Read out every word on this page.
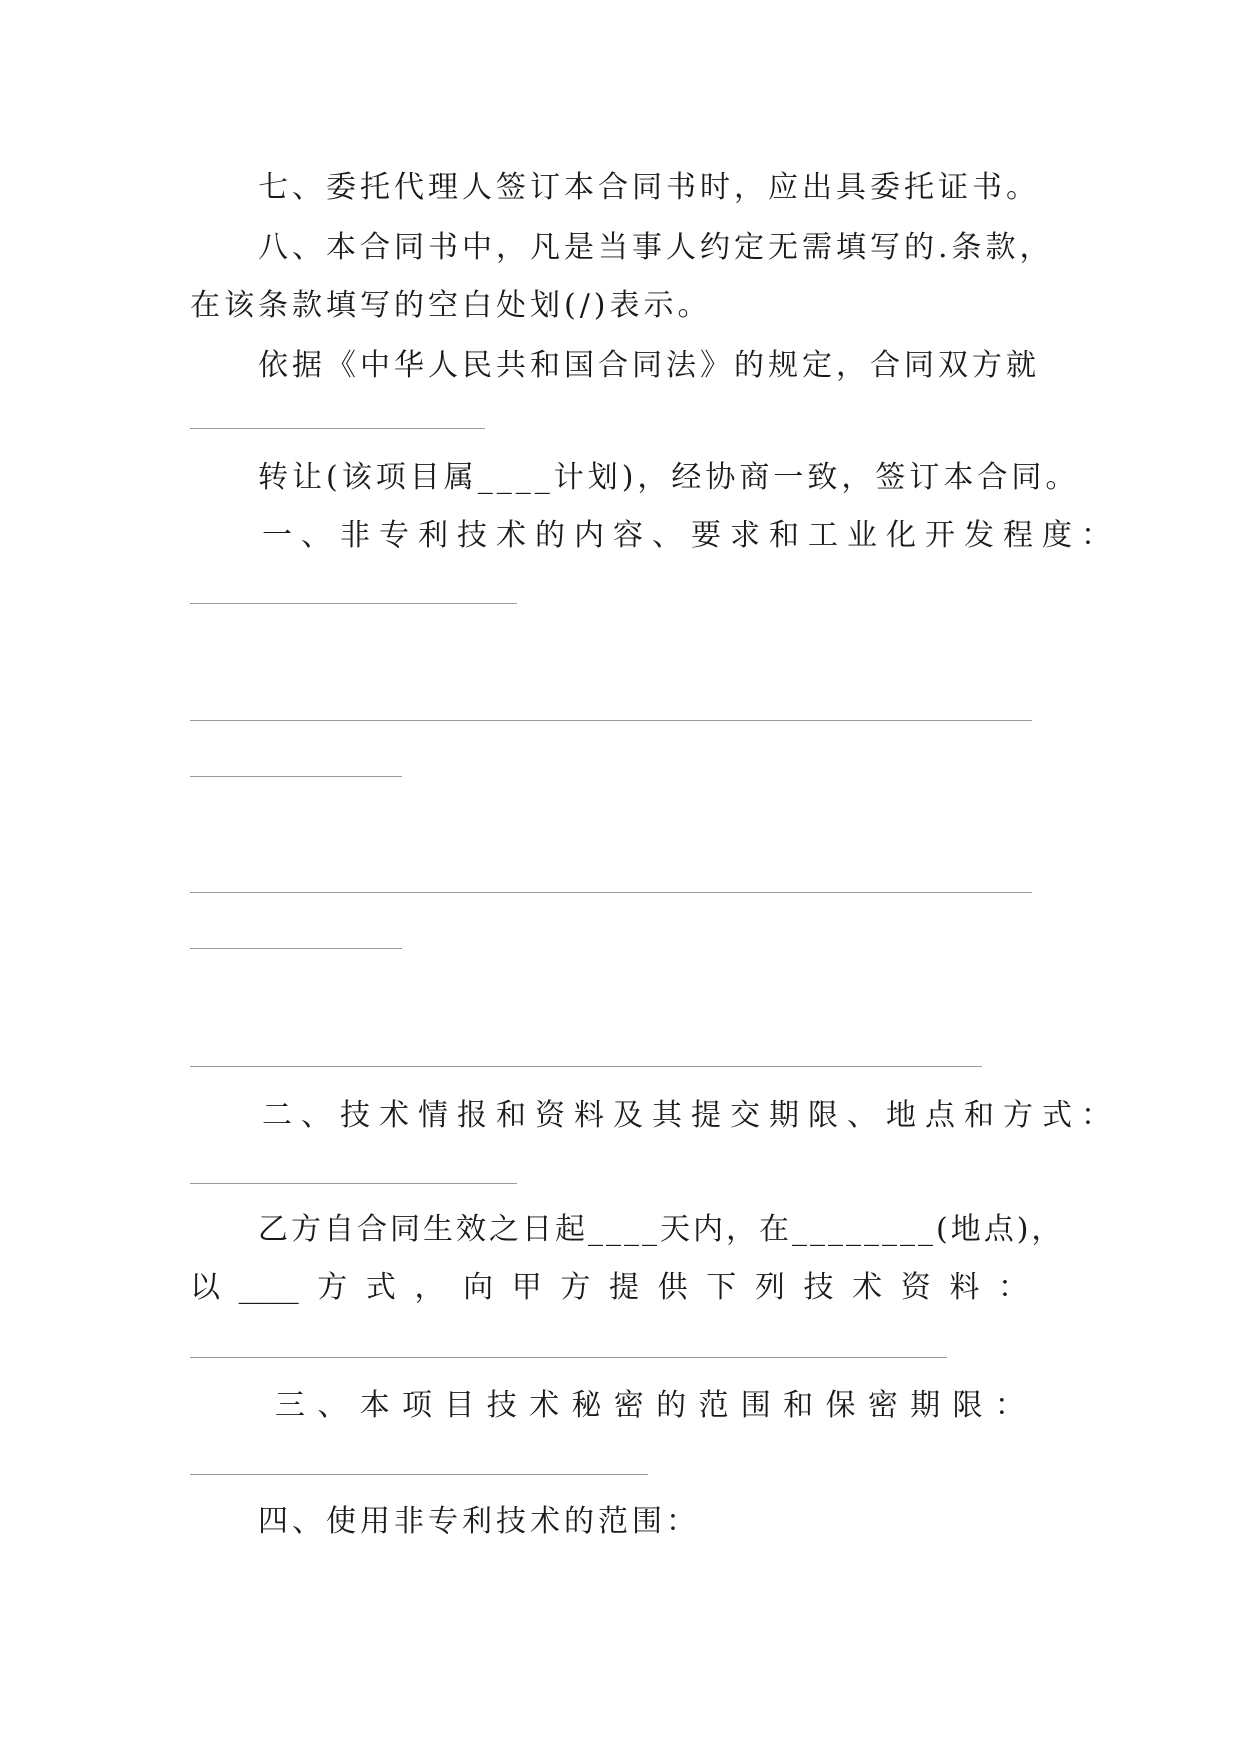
七、委托代理人签订本合同书时，应出具委托证书。
八、本合同书中，凡是当事人约定无需填写的.条款，
在该条款填写的空白处划(/)表示。
依据《中华人民共和国合同法》的规定，合同双方就
转让(该项目属____计划)，经协商一致，签订本合同。
一、非专利技术的内容、要求和工业化开发程度：
二、技术情报和资料及其提交期限、地点和方式：
乙方自合同生效之日起____天内，在________(地点)，
以 ____ 方 式 ， 向 甲 方 提 供 下 列 技 术 资 料 ：
三 、 本 项 目 技 术 秘 密 的 范 围 和 保 密 期 限 ：
四、使用非专利技术的范围：
